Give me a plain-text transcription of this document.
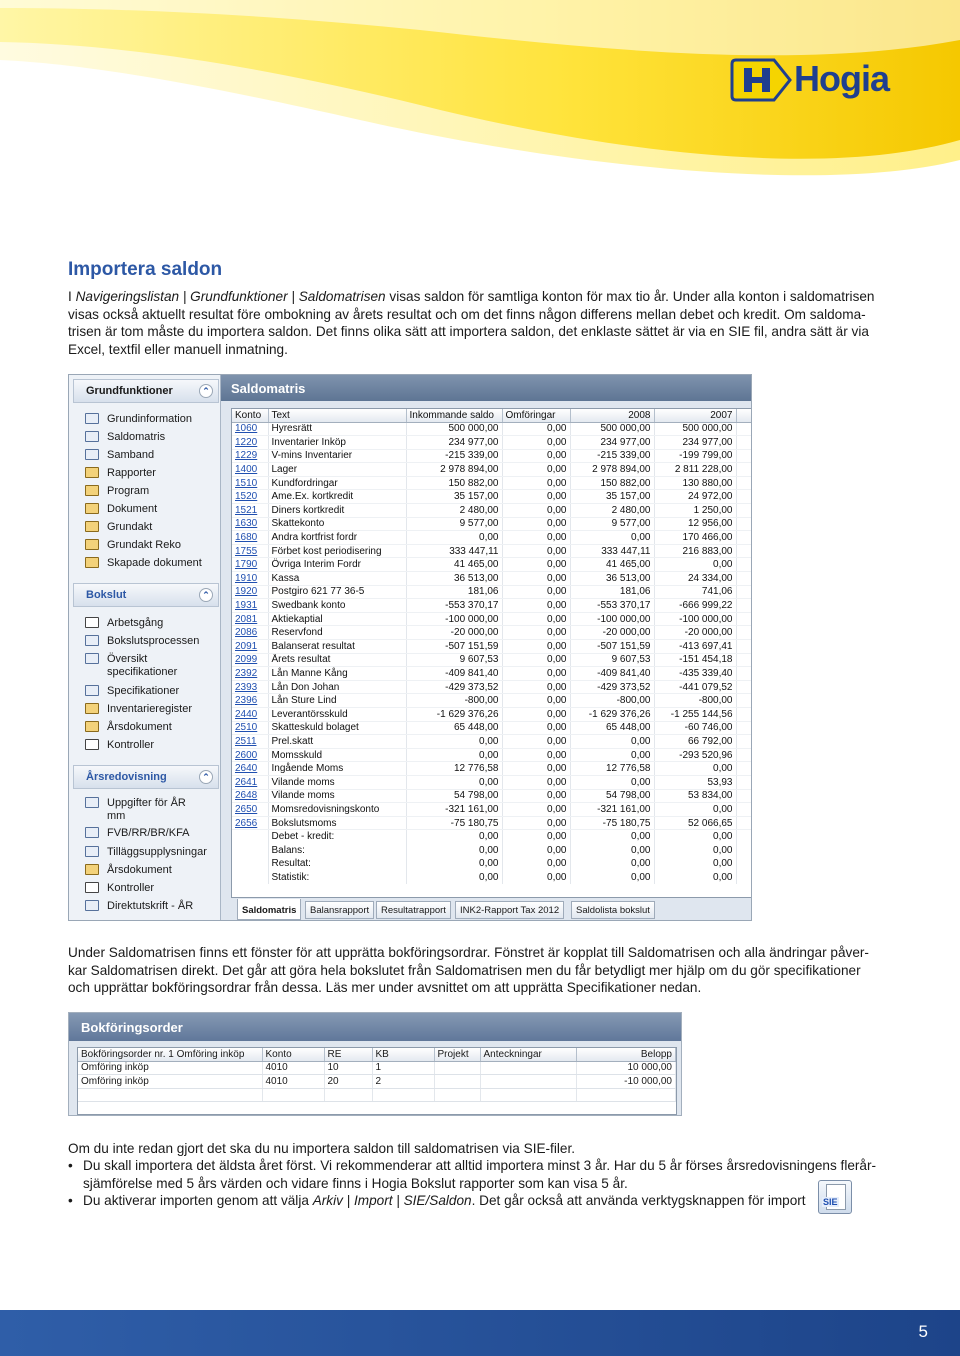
Hogia
Importera saldon
I Navigeringslistan | Grundfunktioner | Saldomatrisen visas saldon för samtliga konton för max tio år. Under alla konton i saldomatrisen
visas också aktuellt resultat före ombokning av årets resultat och om det finns någon differens mellan debet och kredit. Om saldoma-
trisen är tom måste du importera saldon. Det finns olika sätt att importera saldon, det enklaste sättet är via en SIE fil, andra sätt är via
Excel, textfil eller manuell inmatning.
Grundfunktioner	⌃
Grundinformation
Saldomatris
Samband
Rapporter
Program
Dokument
Grundakt
Grundakt Reko
Skapade dokument
Bokslut	⌃
Arbetsgång
Bokslutsprocessen
Översikt
specifikationer
Specifikationer
Inventarieregister
Årsdokument
Kontroller
Årsredovisning	⌃
Uppgifter för ÅR
mm
FVB/RR/BR/KFA
Tilläggsupplysningar
Årsdokument
Kontroller
Direktutskrift - ÅR
Saldomatris
Konto	Text	Inkommande saldo	Omföringar	2008	2007	
1060	Hyresrätt	500 000,00	0,00	500 000,00	500 000,00	
1220	Inventarier Inköp	234 977,00	0,00	234 977,00	234 977,00	
1229	V-mins Inventarier	-215 339,00	0,00	-215 339,00	-199 799,00	
1400	Lager	2 978 894,00	0,00	2 978 894,00	2 811 228,00	
1510	Kundfordringar	150 882,00	0,00	150 882,00	130 880,00	
1520	Ame.Ex. kortkredit	35 157,00	0,00	35 157,00	24 972,00	
1521	Diners kortkredit	2 480,00	0,00	2 480,00	1 250,00	
1630	Skattekonto	9 577,00	0,00	9 577,00	12 956,00	
1680	Andra kortfrist fordr	0,00	0,00	0,00	170 466,00	
1755	Förbet kost periodisering	333 447,11	0,00	333 447,11	216 883,00	
1790	Övriga Interim Fordr	41 465,00	0,00	41 465,00	0,00	
1910	Kassa	36 513,00	0,00	36 513,00	24 334,00	
1920	Postgiro 621 77 36-5	181,06	0,00	181,06	741,06	
1931	Swedbank konto	-553 370,17	0,00	-553 370,17	-666 999,22	
2081	Aktiekaptial	-100 000,00	0,00	-100 000,00	-100 000,00	
2086	Reservfond	-20 000,00	0,00	-20 000,00	-20 000,00	
2091	Balanserat resultat	-507 151,59	0,00	-507 151,59	-413 697,41	
2099	Årets resultat	9 607,53	0,00	9 607,53	-151 454,18	
2392	Lån Manne Kång	-409 841,40	0,00	-409 841,40	-435 339,40	
2393	Lån Don Johan	-429 373,52	0,00	-429 373,52	-441 079,52	
2396	Lån Sture Lind	-800,00	0,00	-800,00	-800,00	
2440	Leverantörsskuld	-1 629 376,26	0,00	-1 629 376,26	-1 255 144,56	
2510	Skatteskuld bolaget	65 448,00	0,00	65 448,00	-60 746,00	
2511	Prel.skatt	0,00	0,00	0,00	66 792,00	
2600	Momsskuld	0,00	0,00	0,00	-293 520,96	
2640	Ingående Moms	12 776,58	0,00	12 776,58	0,00	
2641	Vilande moms	0,00	0,00	0,00	53,93	
2648	Vilande moms	54 798,00	0,00	54 798,00	53 834,00	
2650	Momsredovisningskonto	-321 161,00	0,00	-321 161,00	0,00	
2656	Bokslutsmoms	-75 180,75	0,00	-75 180,75	52 066,65	
	Debet - kredit:	0,00	0,00	0,00	0,00	
	Balans:	0,00	0,00	0,00	0,00	
	Resultat:	0,00	0,00	0,00	0,00	
	Statistik:	0,00	0,00	0,00	0,00	
Saldomatris	Balansrapport	Resultatrapport	INK2-Rapport Tax 2012	Saldolista bokslut
Under Saldomatrisen finns ett fönster för att upprätta bokföringsordrar. Fönstret är kopplat till Saldomatrisen och alla ändringar påver-
kar Saldomatrisen direkt. Det går att göra hela bokslutet från Saldomatrisen men du får betydligt mer hjälp om du gör specifikationer
och upprättar bokföringsordrar från dessa. Läs mer under avsnittet om att upprätta Specifikationer nedan.
Bokföringsorder
Bokföringsorder nr. 1 Omföring inköp	Konto	RE	KB	Projekt	Anteckningar	Belopp
Omföring inköp	4010	10	1			10 000,00
Omföring inköp	4010	20	2			-10 000,00

Om du inte redan gjort det ska du nu importera saldon till saldomatrisen via SIE-filer.
• Du skall importera det äldsta året först. Vi rekommenderar att alltid importera minst 3 år. Har du 5 år förses årsredovisningens flerår-
sjämförelse med 5 års värden och vidare finns i Hogia Bokslut rapporter som kan visa 5 år.
• Du aktiverar importen genom att välja Arkiv | Import | SIE/Saldon. Det går också att använda verktygsknappen för import	SIE
5
